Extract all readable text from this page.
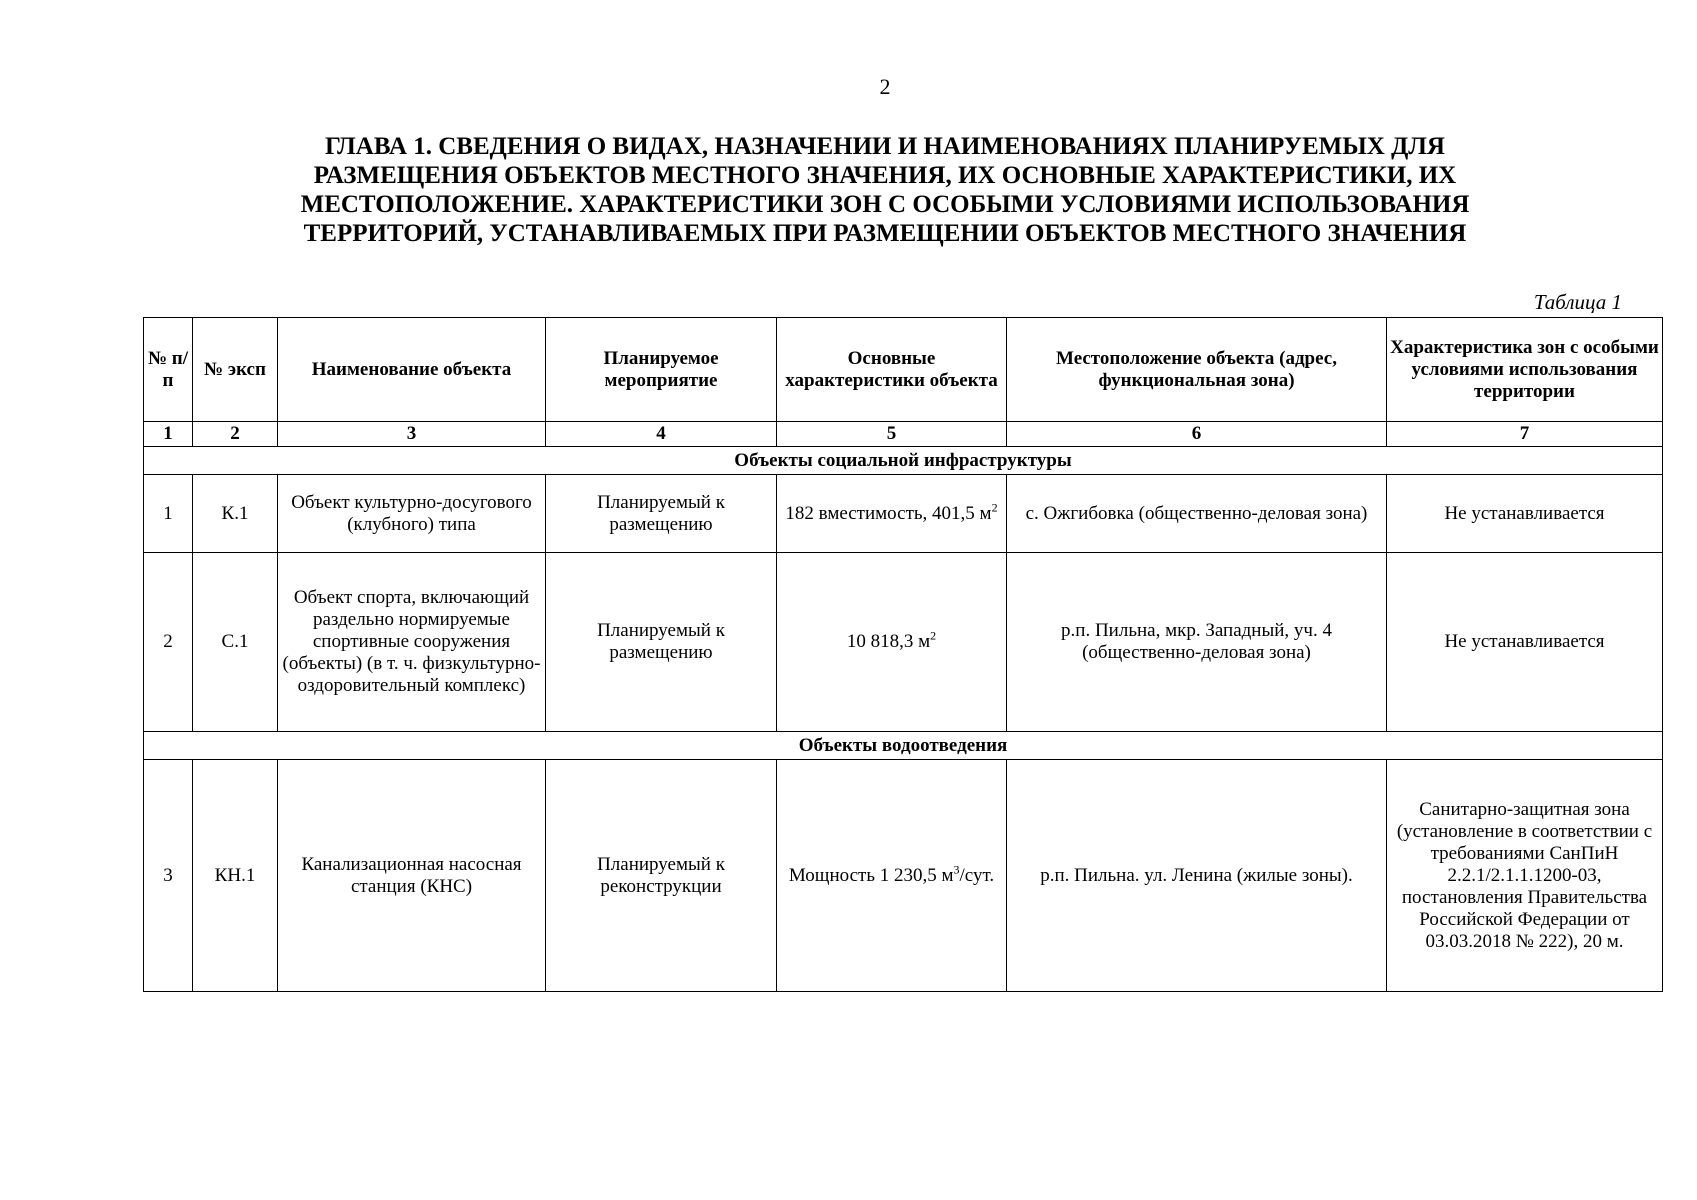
2
ГЛАВА 1. СВЕДЕНИЯ О ВИДАХ, НАЗНАЧЕНИИ И НАИМЕНОВАНИЯХ ПЛАНИРУЕМЫХ ДЛЯ
РАЗМЕЩЕНИЯ ОБЪЕКТОВ МЕСТНОГО ЗНАЧЕНИЯ, ИХ ОСНОВНЫЕ ХАРАКТЕРИСТИКИ, ИХ
МЕСТОПОЛОЖЕНИЕ. ХАРАКТЕРИСТИКИ ЗОН С ОСОБЫМИ УСЛОВИЯМИ ИСПОЛЬЗОВАНИЯ
ТЕРРИТОРИЙ, УСТАНАВЛИВАЕМЫХ ПРИ РАЗМЕЩЕНИИ ОБЪЕКТОВ МЕСТНОГО ЗНАЧЕНИЯ
Таблица 1
№ п/п	№ эксп	Наименование объекта	Планируемое мероприятие	Основные характеристики объекта	Местоположение объекта (адрес, функциональная зона)	Характеристика зон с особыми условиями использования территории
1	2	3	4	5	6	7
Объекты социальной инфраструктуры						
1	К.1	Объект культурно-досугового (клубного) типа	Планируемый к размещению	182 вместимость, 401,5 $м^2$	с. Ожгибовка (общественно-деловая зона)	Не устанавливается
2	С.1	Объект спорта, включающий раздельно нормируемые спортивные сооружения (объекты) (в т. ч. физкультурно-оздоровительный комплекс)	Планируемый к размещению	10 818,3 $м^2$	р.п. Пильна, мкр. Западный, уч. 4 (общественно-деловая зона)	Не устанавливается
Объекты водоотведения						
3	КН.1	Канализационная насосная станция (КНС)	Планируемый к реконструкции	Мощность 1 230,5 $м^3$/сут.	р.п. Пильна. ул. Ленина (жилые зоны).	Санитарно-защитная зона (установление в соответствии с требованиями СанПиН 2.2.1/2.1.1.1200-03, постановления Правительства Российской Федерации от 03.03.2018 № 222), 20 м.
